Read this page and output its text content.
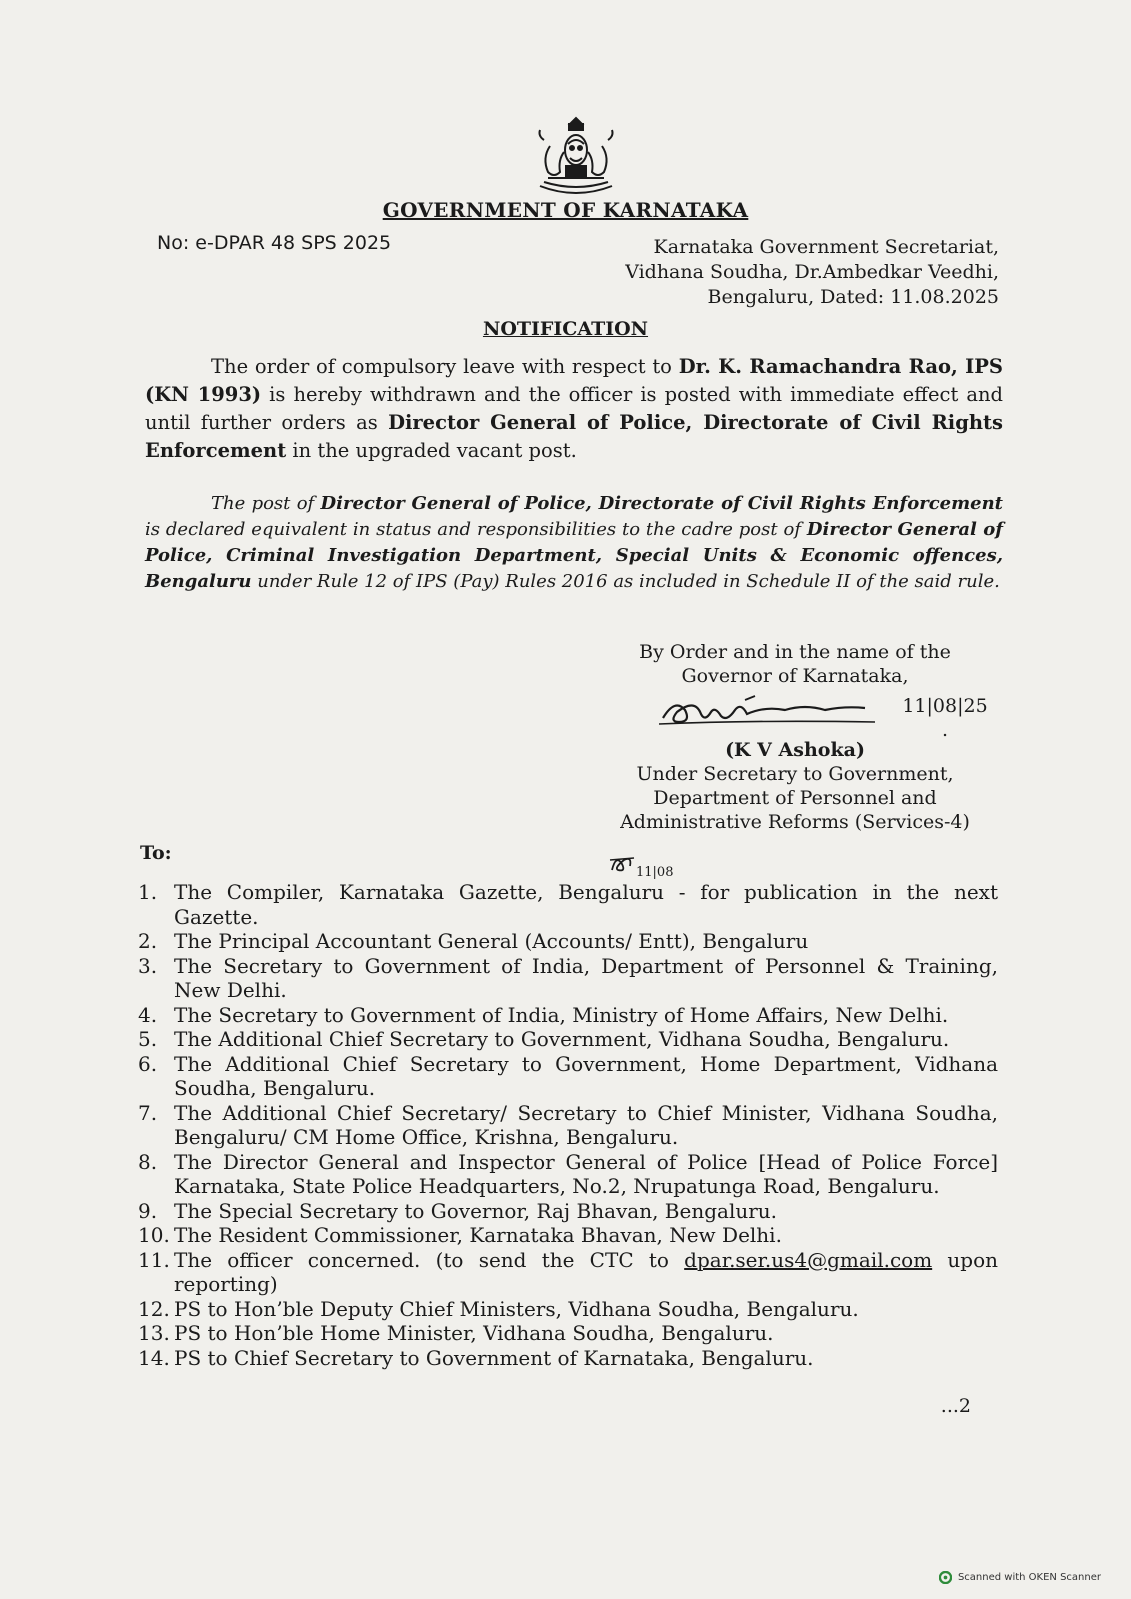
GOVERNMENT OF KARNATAKA
No: e-DPAR 48 SPS 2025	Karnataka Government Secretariat,
Vidhana Soudha, Dr.Ambedkar Veedhi,
Bengaluru, Dated: 11.08.2025
NOTIFICATION
The order of compulsory leave with respect to Dr. K. Ramachandra Rao, IPS (KN 1993) is hereby withdrawn and the officer is posted with immediate effect and until further orders as Director General of Police, Directorate of Civil Rights Enforcement in the upgraded vacant post.
The post of Director General of Police, Directorate of Civil Rights Enforcement is declared equivalent in status and responsibilities to the cadre post of Director General of Police, Criminal Investigation Department, Special Units & Economic offences, Bengaluru under Rule 12 of IPS (Pay) Rules 2016 as included in Schedule II of the said rule.
By Order and in the name of the
Governor of Karnataka,
11|08|25 .
(K V Ashoka)
Under Secretary to Government,
Department of Personnel and
Administrative Reforms (Services-4)
To:
11|08
1. The Compiler, Karnataka Gazette, Bengaluru - for publication in the next Gazette.
2. The Principal Accountant General (Accounts/ Entt), Bengaluru
3. The Secretary to Government of India, Department of Personnel & Training, New Delhi.
4. The Secretary to Government of India, Ministry of Home Affairs, New Delhi.
5. The Additional Chief Secretary to Government, Vidhana Soudha, Bengaluru.
6. The Additional Chief Secretary to Government, Home Department, Vidhana Soudha, Bengaluru.
7. The Additional Chief Secretary/ Secretary to Chief Minister, Vidhana Soudha, Bengaluru/ CM Home Office, Krishna, Bengaluru.
8. The Director General and Inspector General of Police [Head of Police Force] Karnataka, State Police Headquarters, No.2, Nrupatunga Road, Bengaluru.
9. The Special Secretary to Governor, Raj Bhavan, Bengaluru.
10. The Resident Commissioner, Karnataka Bhavan, New Delhi.
11. The officer concerned. (to send the CTC to dpar.ser.us4@gmail.com upon reporting)
12. PS to Hon’ble Deputy Chief Ministers, Vidhana Soudha, Bengaluru.
13. PS to Hon’ble Home Minister, Vidhana Soudha, Bengaluru.
14. PS to Chief Secretary to Government of Karnataka, Bengaluru.
...2
Scanned with OKEN Scanner
